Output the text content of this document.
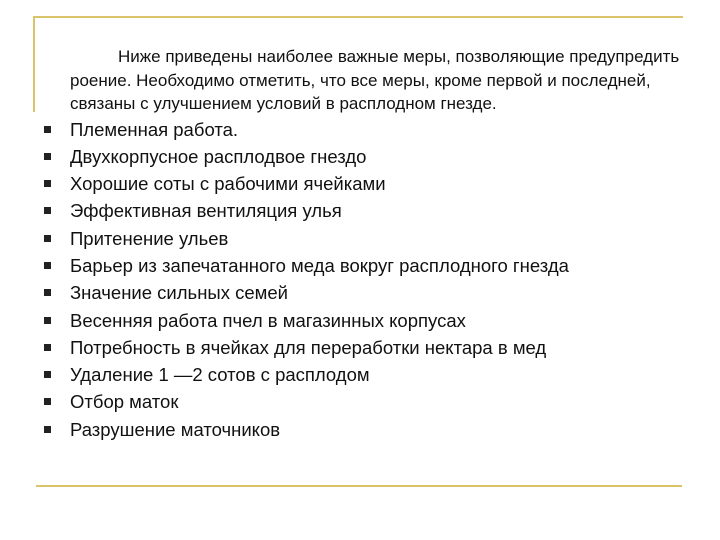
Ниже приведены наиболее важные меры, позволяющие предупредить роение. Необходимо отметить, что все меры, кроме первой и последней, связаны с улучшением условий в расплодном гнезде.

Племенная работа.
Двухкорпусное расплодвое гнездо
Хорошие соты с рабочими ячейками
Эффективная вентиляция улья
Притенение ульев
Барьер из запечатанного меда вокруг расплодного гнезда
Значение сильных семей
Весенняя работа пчел в магазинных корпусах
Потребность в ячейках для переработки нектара в мед
Удаление 1 —2 сотов с расплодом
Отбор маток
Разрушение маточников
